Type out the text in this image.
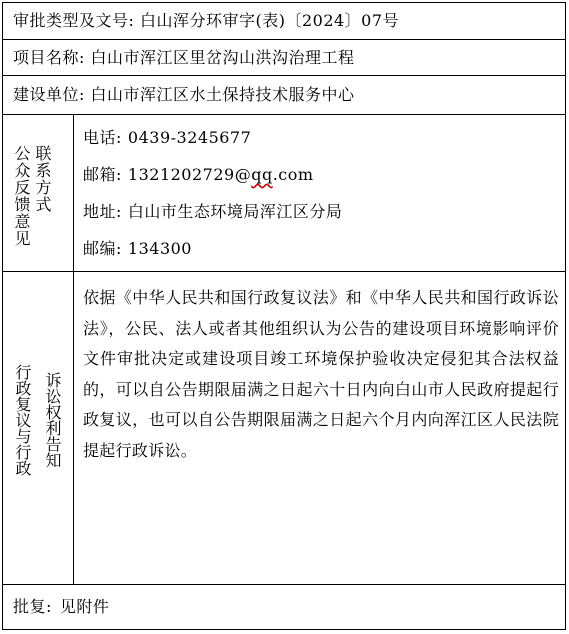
审批类型及文号: 白山浑分环审字(表)〔2024〕07号
项目名称: 白山市浑江区里岔沟山洪沟治理工程
建设单位: 白山市浑江区水土保持技术服务中心
联系方式
公众反馈意见
电话: 0439-3245677
邮箱: 1321202729@qq.com
地址: 白山市生态环境局浑江区分局
邮编: 134300
诉讼权利告知
行政复议与行政
依据《中华人民共和国行政复议法》和《中华人民共和国行政诉讼法》，公民、法人或者其他组织认为公告的建设项目环境影响评价文件审批决定或建设项目竣工环境保护验收决定侵犯其合法权益的，可以自公告期限届满之日起六十日内向白山市人民政府提起行政复议，也可以自公告期限届满之日起六个月内向浑江区人民法院提起行政诉讼。
批复: 见附件
